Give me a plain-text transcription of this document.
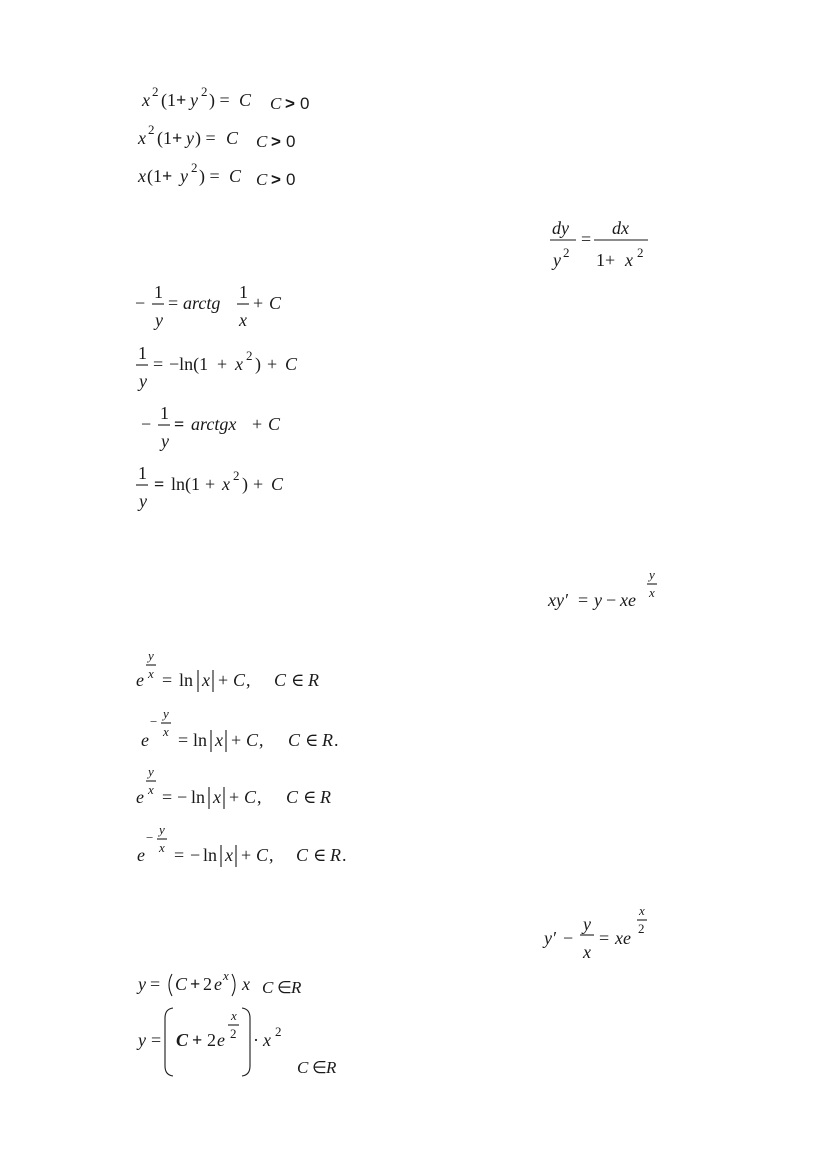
x 2 (1 + y 2 ) = C C > 0
x 2 (1 + y ) = C C > 0
x (1 + y 2 ) = C C > 0
dy
y 2
=
dx
1+ x 2
−
1
y
= arctg
1
x
+ C
1
y
= −ln(1 + x 2 ) + C
−
1
y
= arctgx + C
1
y
= ln(1 + x 2 ) + C
xy′ = y − xe
y
x
e
y
x = ln x + C , C ∈ R
e
−
y
x = ln x + C , C ∈ R .
e
y
x = − ln x + C , C ∈ R
e
−
y
x = − ln x + C , C ∈ R .
y′ −
y
x
= xe
x
2
y = C + 2 e x x C ∈ R
y = C + 2 e
x
2 · x 2
C ∈ R
